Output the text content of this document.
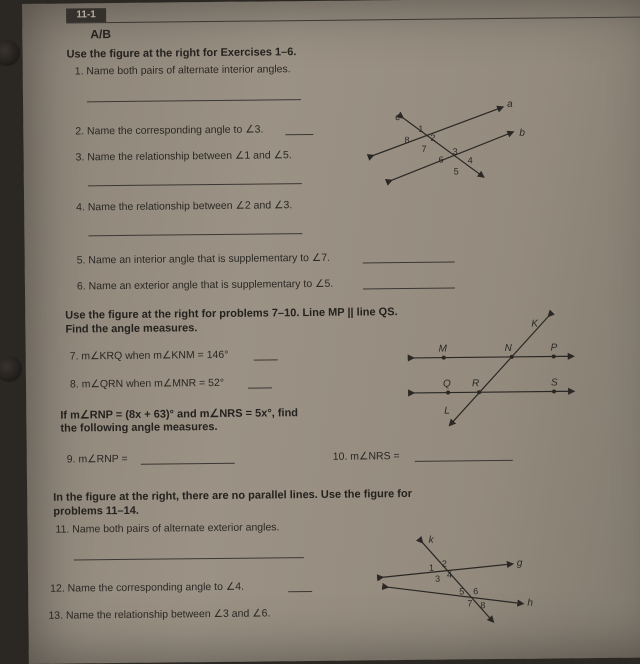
11-1
A/B
Use the figure at the right for Exercises 1–6.
1. Name both pairs of alternate interior angles.
2. Name the corresponding angle to ∠3.
3. Name the relationship between ∠1 and ∠5.
4. Name the relationship between ∠2 and ∠3.
5. Name an interior angle that is supplementary to ∠7.
6. Name an exterior angle that is supplementary to ∠5.
a
b
c
1
2
3
4
5
6
7
8
Use the figure at the right for problems 7–10. Line MP || line QS.
Find the angle measures.
7. m∠KRQ when m∠KNM = 146°
8. m∠QRN when m∠MNR = 52°
If m∠RNP = (8x + 63)° and m∠NRS = 5x°, find
the following angle measures.
9. m∠RNP =	10. m∠NRS =
K
M	N	P
Q R	S
L
In the figure at the right, there are no parallel lines. Use the figure for
problems 11–14.
11. Name both pairs of alternate exterior angles.
12. Name the corresponding angle to ∠4.
13. Name the relationship between ∠3 and ∠6.
k
g
h
1 2
3 4
5 6
7 8
